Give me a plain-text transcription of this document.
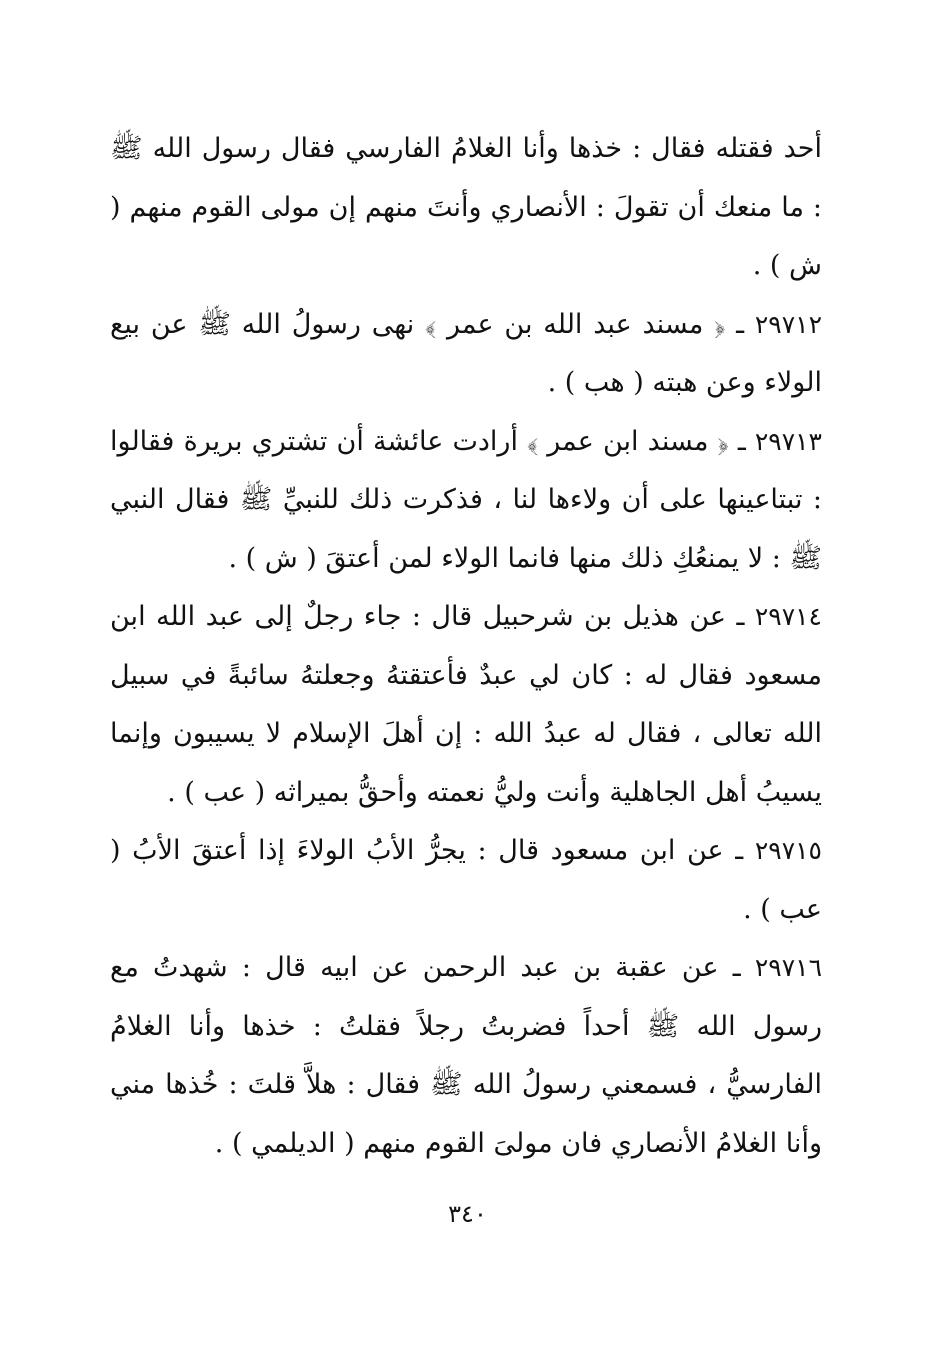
أحد فقتله فقال : خذها وأنا الغلامُ الفارسي فقال رسول الله ﷺ : ما منعك أن تقولَ : الأنصاري وأنتَ منهم إن مولى القوم منهم ( ش ) .

٢٩٧١٢ ـ ﴿ مسند عبد الله بن عمر ﴾ نهى رسولُ الله ﷺ عن بيع الولاء وعن هبته ( هب ) .

٢٩٧١٣ ـ ﴿ مسند ابن عمر ﴾ أرادت عائشة أن تشتري بريرة فقالوا : تبتاعينها على أن ولاءها لنا ، فذكرت ذلك للنبيِّ ﷺ فقال النبي ﷺ : لا يمنعُكِ ذلك منها فانما الولاء لمن أعتقَ ( ش ) .

٢٩٧١٤ ـ عن هذيل بن شرحبيل قال : جاء رجلٌ إلى عبد الله ابن مسعود فقال له : كان لي عبدٌ فأعتقتهُ وجعلتهُ سائبةً في سبيل الله تعالى ، فقال له عبدُ الله : إن أهلَ الإسلام لا يسيبون وإنما يسيبُ أهل الجاهلية وأنت وليُّ نعمته وأحقُّ بميراثه ( عب ) .

٢٩٧١٥ ـ عن ابن مسعود قال : يجرُّ الأبُ الولاءَ إذا أعتقَ الأبُ ( عب ) .

٢٩٧١٦ ـ عن عقبة بن عبد الرحمن عن ابيه قال : شهدتُ مع رسول الله ﷺ أحداً فضربتُ رجلاً فقلتُ : خذها وأنا الغلامُ الفارسيُّ ، فسمعني رسولُ الله ﷺ فقال : هلاَّ قلتَ : خُذها مني وأنا الغلامُ الأنصاري فان مولىَ القوم منهم ( الديلمي ) .

٣٤٠
